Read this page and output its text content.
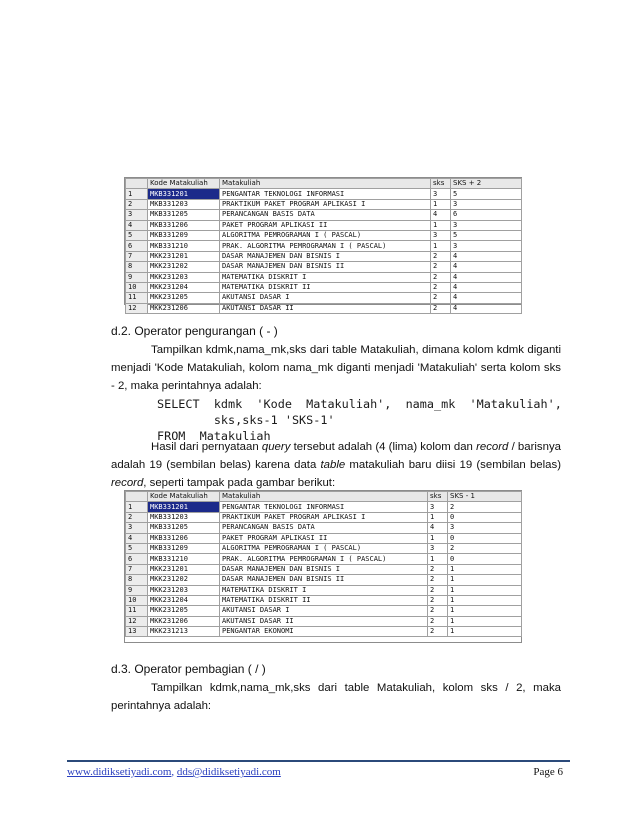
	Kode Matakuliah	Matakuliah	sks	SKS + 2
1	MKB331201	PENGANTAR TEKNOLOGI INFORMASI	3	5
2	MKB331203	PRAKTIKUM PAKET PROGRAM APLIKASI I	1	3
3	MKB331205	PERANCANGAN BASIS DATA	4	6
4	MKB331206	PAKET PROGRAM APLIKASI II	1	3
5	MKB331209	ALGORITMA PEMROGRAMAN I ( PASCAL)	3	5
6	MKB331210	PRAK. ALGORITMA PEMROGRAMAN I ( PASCAL)	1	3
7	MKK231201	DASAR MANAJEMEN DAN BISNIS I	2	4
8	MKK231202	DASAR MANAJEMEN DAN BISNIS II	2	4
9	MKK231203	MATEMATIKA DISKRIT I	2	4
10	MKK231204	MATEMATIKA DISKRIT II	2	4
11	MKK231205	AKUTANSI DASAR I	2	4
12	MKK231206	AKUTANSI DASAR II	2	4
d.2. Operator pengurangan ( - )

Tampilkan kdmk,nama_mk,sks dari table Matakuliah, dimana kolom kdmk diganti menjadi 'Kode Matakuliah, kolom nama_mk diganti menjadi 'Matakuliah' serta kolom sks - 2, maka perintahnya adalah:

SELECT  kdmk  'Kode  Matakuliah',  nama_mk  'Matakuliah',
sks,sks-1 'SKS-1'
FROM  Matakuliah

Hasil dari pernyataan query tersebut adalah (4 (lima) kolom dan record / barisnya adalah 19 (sembilan belas) karena data table matakuliah baru diisi 19 (sembilan belas) record, seperti tampak pada gambar berikut:

	Kode Matakuliah	Matakuliah	sks	SKS - 1
1	MKB331201	PENGANTAR TEKNOLOGI INFORMASI	3	2
2	MKB331203	PRAKTIKUM PAKET PROGRAM APLIKASI I	1	0
3	MKB331205	PERANCANGAN BASIS DATA	4	3
4	MKB331206	PAKET PROGRAM APLIKASI II	1	0
5	MKB331209	ALGORITMA PEMROGRAMAN I ( PASCAL)	3	2
6	MKB331210	PRAK. ALGORITMA PEMROGRAMAN I ( PASCAL)	1	0
7	MKK231201	DASAR MANAJEMEN DAN BISNIS I	2	1
8	MKK231202	DASAR MANAJEMEN DAN BISNIS II	2	1
9	MKK231203	MATEMATIKA DISKRIT I	2	1
10	MKK231204	MATEMATIKA DISKRIT II	2	1
11	MKK231205	AKUTANSI DASAR I	2	1
12	MKK231206	AKUTANSI DASAR II	2	1
13	MKK231213	PENGANTAR EKONOMI	2	1
d.3. Operator pembagian ( / )

Tampilkan kdmk,nama_mk,sks dari table Matakuliah, kolom sks / 2, maka perintahnya adalah:

www.didiksetiyadi.com, dds@didiksetiyadi.com	Page 6
